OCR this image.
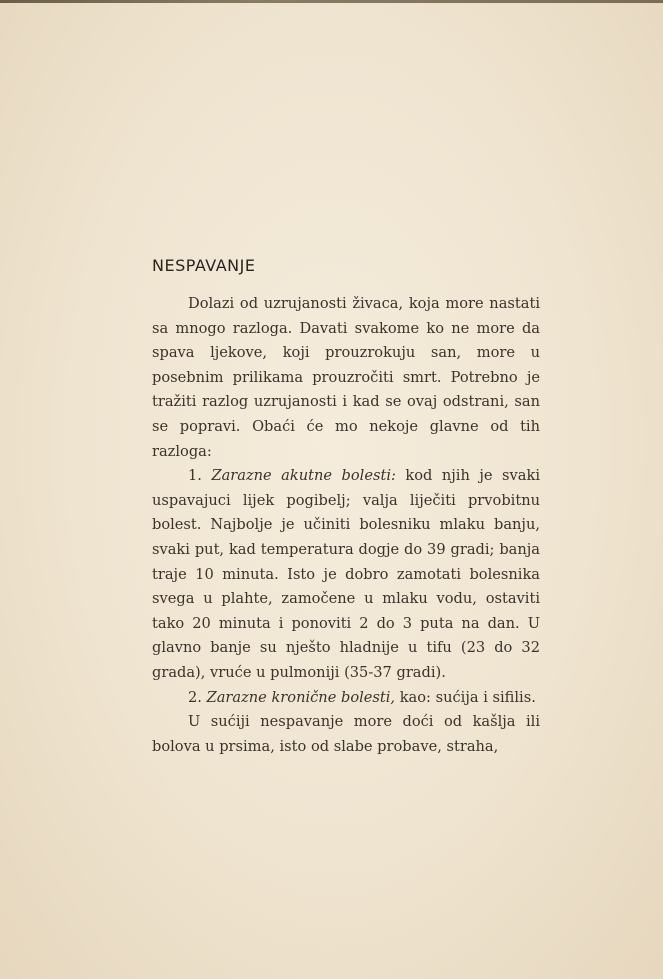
NESPAVANJE

Dolazi od uzrujanosti živaca, koja more nastati sa mnogo razloga. Davati svakome ko ne more da spava ljekove, koji prouzrokuju san, more u posebnim prilikama prouzročiti smrt. Potrebno je tražiti razlog uzrujanosti i kad se ovaj odstrani, san se popravi. Obaći će mo nekoje glavne od tih razloga:

1. Zarazne akutne bolesti: kod njih je svaki uspavajuci lijek pogibelj; valja liječiti prvobitnu bolest. Najbolje je učiniti bolesniku mlaku banju, svaki put, kad temperatura dogje do 39 gradi; banja traje 10 minuta. Isto je dobro zamotati bolesnika svega u plahte, zamočene u mlaku vodu, ostaviti tako 20 minuta i ponoviti 2 do 3 puta na dan. U glavno banje su nješto hladnije u tifu (23 do 32 grada), vruće u pulmoniji (35-37 gradi).

2. Zarazne kronične bolesti, kao: sućija i sifilis.

U sućiji nespavanje more doći od kašlja ili bolova u prsima, isto od slabe probave, straha,
